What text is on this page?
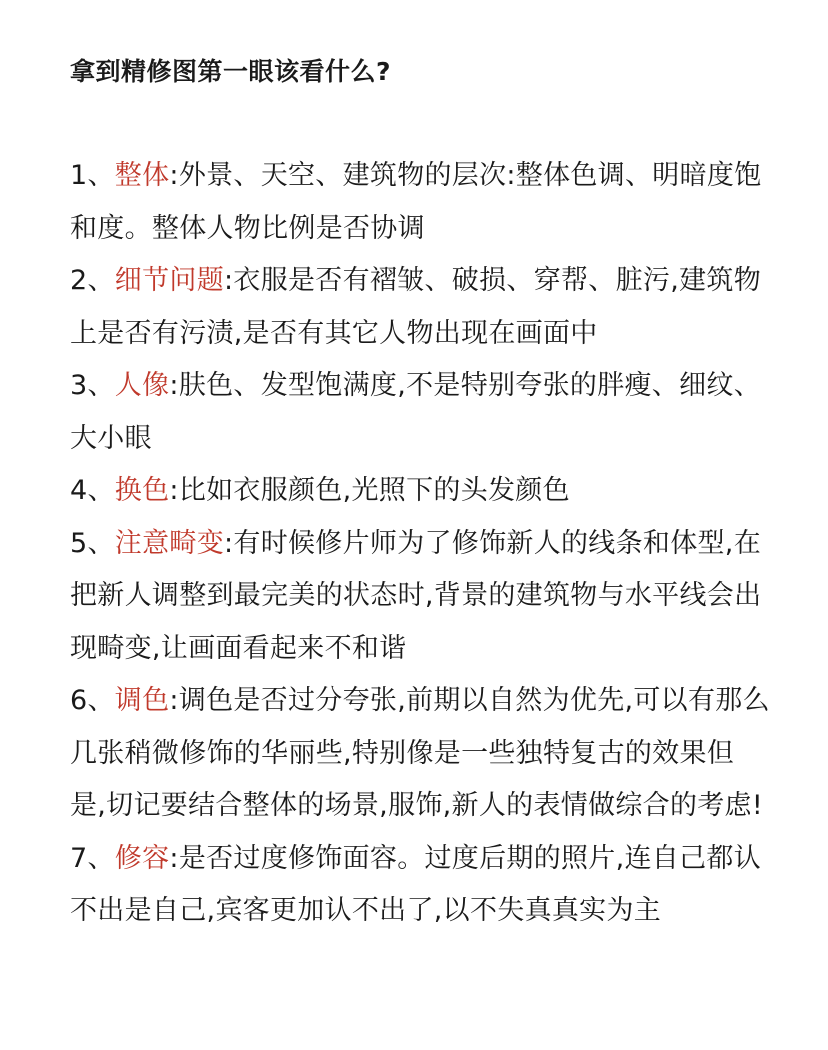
拿到精修图第一眼该看什么?
1、整体:外景、天空、建筑物的层次:整体色调、明暗度饱和度。整体人物比例是否协调
2、细节问题:衣服是否有褶皱、破损、穿帮、脏污,建筑物上是否有污渍,是否有其它人物出现在画面中
3、人像:肤色、发型饱满度,不是特别夸张的胖瘦、细纹、大小眼
4、换色:比如衣服颜色,光照下的头发颜色
5、注意畸变:有时候修片师为了修饰新人的线条和体型,在把新人调整到最完美的状态时,背景的建筑物与水平线会出现畸变,让画面看起来不和谐
6、调色:调色是否过分夸张,前期以自然为优先,可以有那么几张稍微修饰的华丽些,特别像是一些独特复古的效果但是,切记要结合整体的场景,服饰,新人的表情做综合的考虑!
7、修容:是否过度修饰面容。过度后期的照片,连自己都认不出是自己,宾客更加认不出了,以不失真真实为主
